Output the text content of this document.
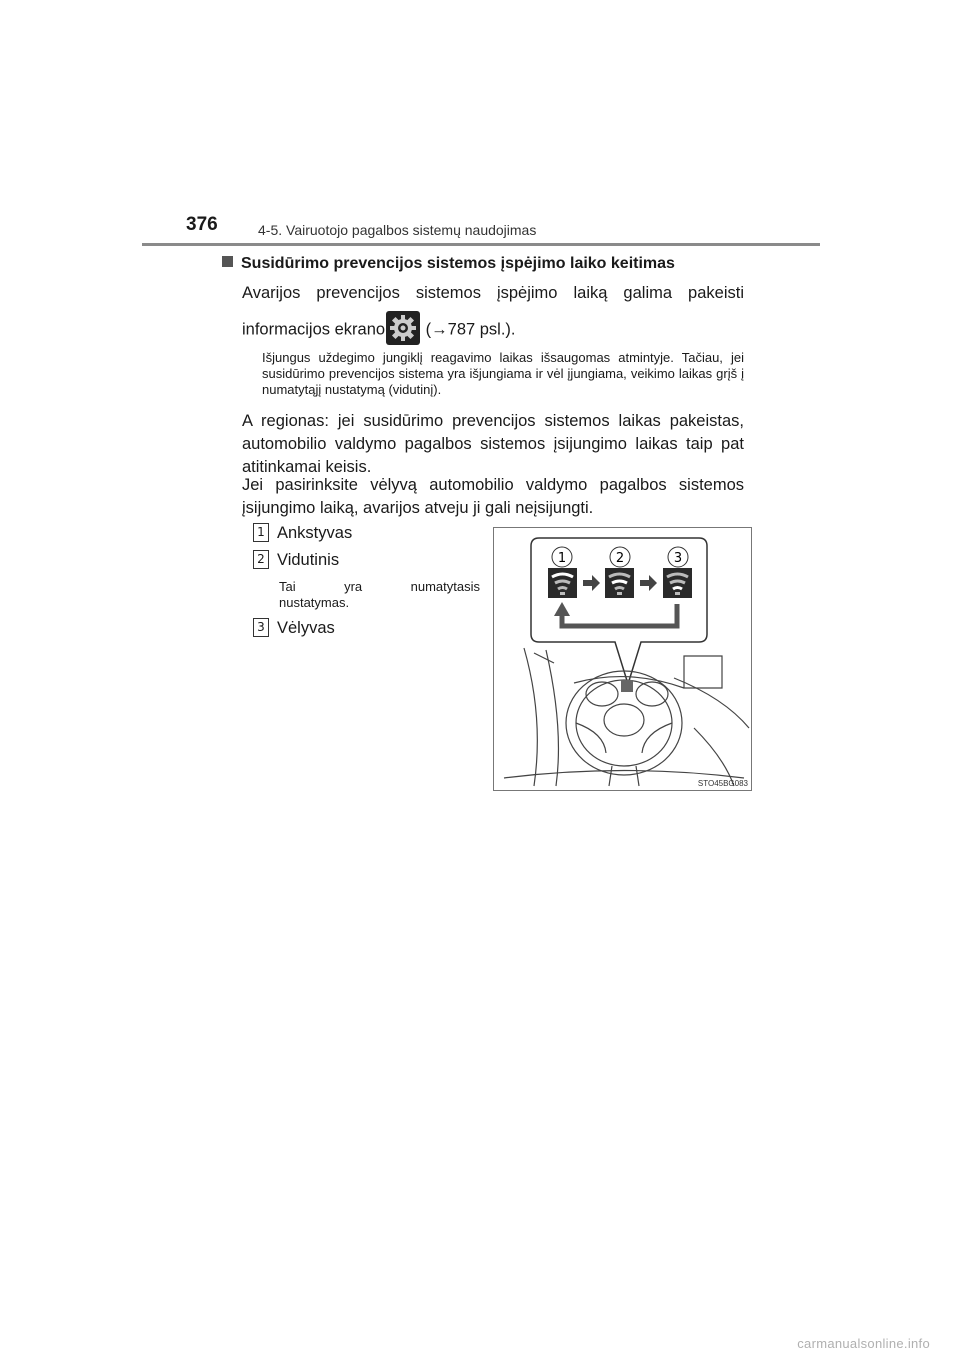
376	4-5. Vairuotojo pagalbos sistemų naudojimas
Susidūrimo prevencijos sistemos įspėjimo laiko keitimas
Avarijos prevencijos sistemos įspėjimo laiką galima pakeisti
informacijos ekrano
(→787 psl.).
Išjungus uždegimo jungiklį reagavimo laikas išsaugomas atmintyje. Tačiau, jei susidūrimo prevencijos sistema yra išjungiama ir vėl įjungiama, veikimo laikas grįš į numatytąjį nustatymą (vidutinį).
A regionas: jei susidūrimo prevencijos sistemos laikas pakeistas, automobilio valdymo pagalbos sistemos įsijungimo laikas taip pat atitinkamai keisis.
Jei pasirinksite vėlyvą automobilio valdymo pagalbos sistemos įsijungimo laiką, avarijos atveju ji gali neįsijungti.
1 Ankstyvas
2 Vidutinis
Tai	yra	numatytasis
nustatymas.
3 Vėlyvas
1	2	3
STO45BG083
carmanualsonline.info
